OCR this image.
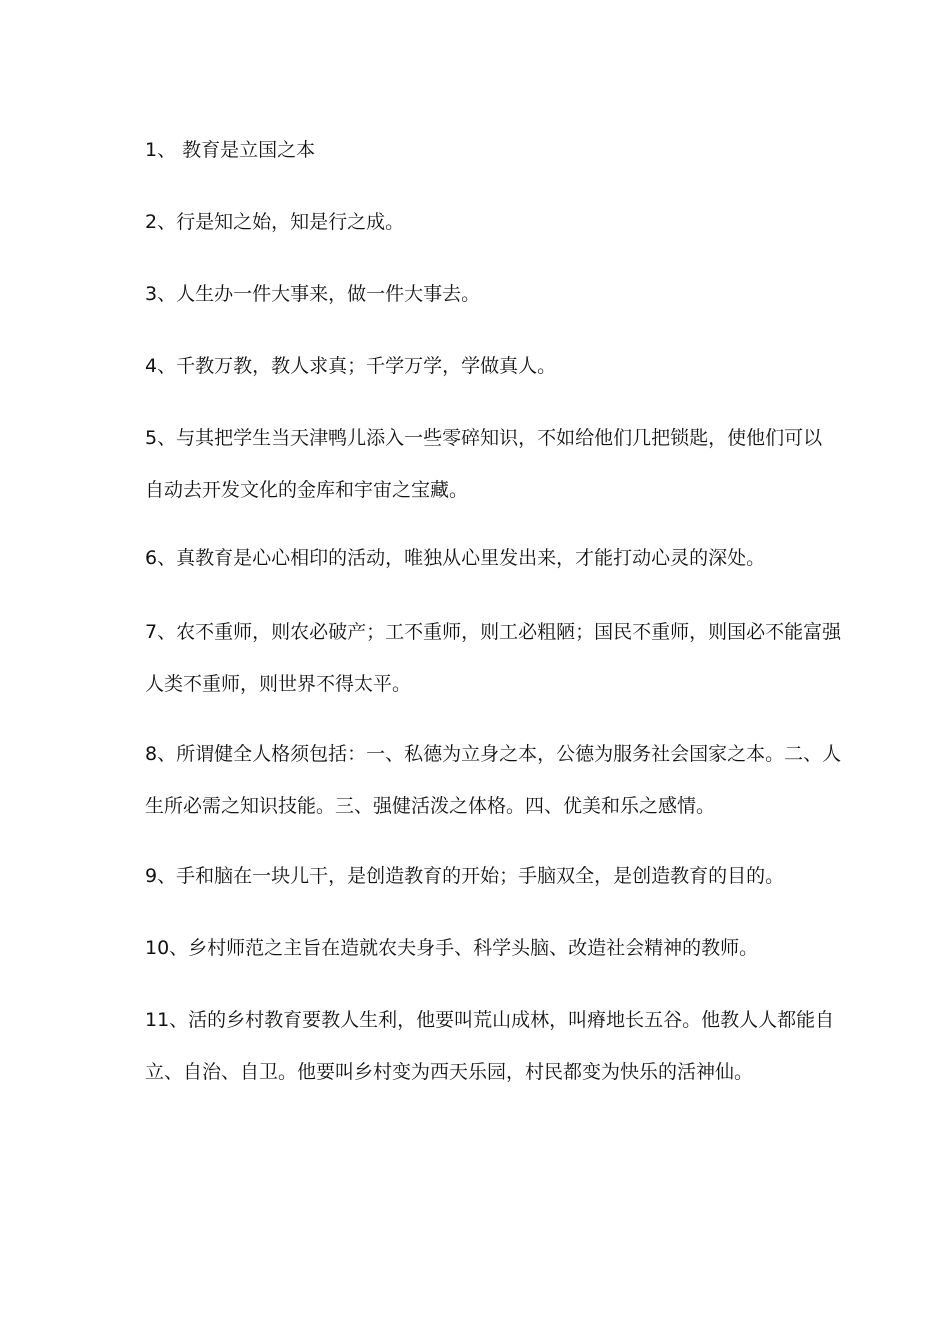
1、 教育是立国之本
2、行是知之始，知是行之成。
3、人生办一件大事来，做一件大事去。
4、千教万教，教人求真；千学万学，学做真人。
5、与其把学生当天津鸭儿添入一些零碎知识，不如给他们几把锁匙，使他们可以
自动去开发文化的金库和宇宙之宝藏。
6、真教育是心心相印的活动，唯独从心里发出来，才能打动心灵的深处。
7、农不重师，则农必破产；工不重师，则工必粗陋；国民不重师，则国必不能富强
人类不重师，则世界不得太平。
8、所谓健全人格须包括：一、私德为立身之本，公德为服务社会国家之本。二、人
生所必需之知识技能。三、强健活泼之体格。四、优美和乐之感情。
9、手和脑在一块儿干，是创造教育的开始；手脑双全，是创造教育的目的。
10、乡村师范之主旨在造就农夫身手、科学头脑、改造社会精神的教师。
11、活的乡村教育要教人生利，他要叫荒山成林，叫瘠地长五谷。他教人人都能自
立、自治、自卫。他要叫乡村变为西天乐园，村民都变为快乐的活神仙。
